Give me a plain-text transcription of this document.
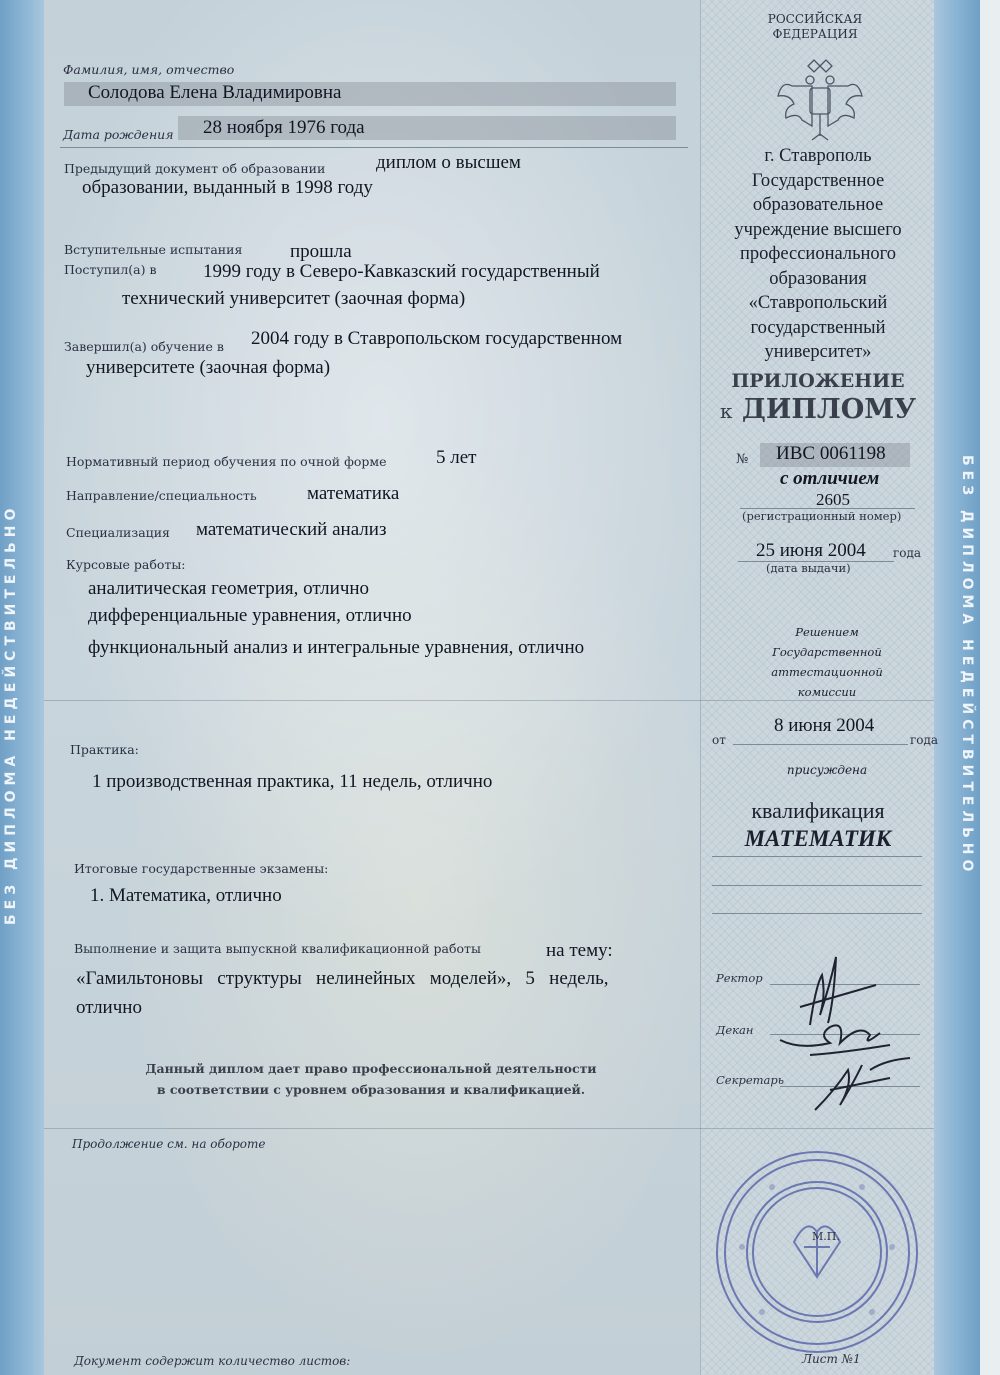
БЕЗ ДИПЛОМА НЕДЕЙСТВИТЕЛЬНО	БЕЗ ДИПЛОМА НЕДЕЙСТВИТЕЛЬНО
РОССИЙСКАЯ ФЕДЕРАЦИЯ
г. Ставрополь
Государственное
образовательное
учреждение высшего
профессионального
образования
«Ставропольский
государственный
университет»
ПРИЛОЖЕНИЕ
к ДИПЛОМУ
№ ИВС 0061198
с отличием
2605
(регистрационный номер)
25 июня 2004 года
(дата выдачи)
Решением
Государственной
аттестационной
комиссии
от
8 июня 2004
года
присуждена
квалификация
МАТЕМАТИК
Ректор
Декан
Секретарь
М.П.
Фамилия, имя, отчество
Солодова Елена Владимировна
Дата рождения 28 ноября 1976 года
Предыдущий документ об образовании	диплом о высшем
образовании, выданный в 1998 году
Вступительные испытания	прошла
Поступил(а) в 1999 году в Северо-Кавказский государственный
технический университет (заочная форма)
Завершил(а) обучение в 2004 году в Ставропольском государственном
университете (заочная форма)
Нормативный период обучения по очной форме	5 лет
Направление/специальность	математика
Специализация математический анализ
Курсовые работы:
аналитическая геометрия, отлично
дифференциальные уравнения, отлично
функциональный анализ и интегральные уравнения, отлично
Практика:
1 производственная практика, 11 недель, отлично
Итоговые государственные экзамены:
1. Математика, отлично
Выполнение и защита выпускной квалификационной работы	на тему:
«Гамильтоновы   структуры   нелинейных   моделей»,   5   недель,
отлично
Данный диплом дает право профессиональной деятельности
в соответствии с уровнем образования и квалификацией.
Продолжение см. на обороте
Документ содержит количество листов:	Лист №1
